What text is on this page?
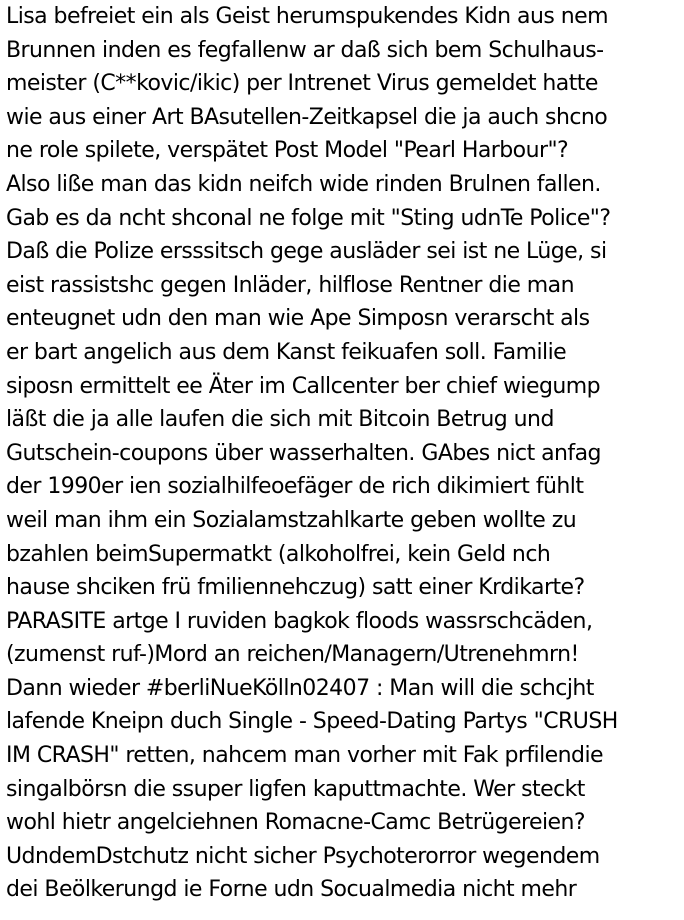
Lisa befreiet ein als Geist herumspukendes Kidn aus nem
Brunnen inden es fegfallenw ar daß sich bem Schulhaus-
meister (C**kovic/ikic) per Intrenet Virus gemeldet hatte
wie aus einer Art BAsutellen-Zeitkapsel die ja auch shcno
ne role spilete, verspätet Post Model "Pearl Harbour"?
Also liße man das kidn neifch wide rinden Brulnen fallen.
Gab es da ncht shconal ne folge mit "Sting udnTe Police"?
Daß die Polize ersssitsch gege ausläder sei ist ne Lüge, si
eist rassistshc gegen Inläder, hilflose Rentner die man
enteugnet udn den man wie Ape Simposn verarscht als
er bart angelich aus dem Kanst feikuafen soll. Familie
siposn ermittelt ee Äter im Callcenter ber chief wiegump
läßt die ja alle laufen die sich mit Bitcoin Betrug und
Gutschein-coupons über wasserhalten. GAbes nict anfag
der 1990er ien sozialhilfeoefäger de rich dikimiert fühlt
weil man ihm ein Sozialamstzahlkarte geben wollte zu
bzahlen beimSupermatkt (alkoholfrei, kein Geld nch
hause shciken frü fmiliennehczug) satt einer Krdikarte?
PARASITE artge I ruviden bagkok floods wassrschcäden,
(zumenst ruf-)Mord an reichen/Managern/Utrenehmrn!
Dann wieder #berliNueKölln02407 : Man will die schcjht
lafende Kneipn duch Single - Speed-Dating Partys "CRUSH
IM CRASH" retten, nahcem man vorher mit Fak prfilendie
singalbörsn die ssuper ligfen kaputtmachte. Wer steckt
wohl hietr angelciehnen Romacne-Camc Betrügereien?
UdndemDstchutz nicht sicher Psychoterorror wegendem
dei Beölkerungd ie Forne udn Socualmedia nicht mehr
